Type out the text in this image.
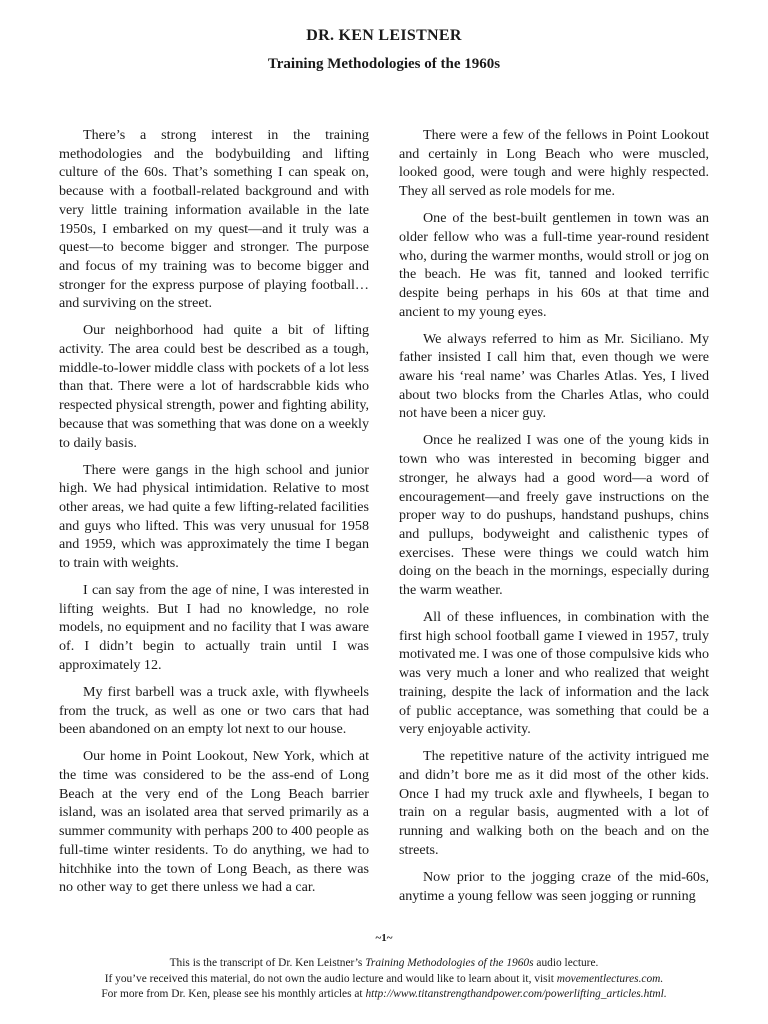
DR. KEN LEISTNER
Training Methodologies of the 1960s

There’s a strong interest in the training methodologies and the bodybuilding and lifting culture of the 60s. That’s something I can speak on, because with a football-related background and with very little training information available in the late 1950s, I embarked on my quest—and it truly was a quest—to become bigger and stronger. The purpose and focus of my training was to become bigger and stronger for the express purpose of playing football…and surviving on the street.

Our neighborhood had quite a bit of lifting activity. The area could best be described as a tough, middle-to-lower middle class with pockets of a lot less than that. There were a lot of hardscrabble kids who respected physical strength, power and fighting ability, because that was something that was done on a weekly to daily basis.

There were gangs in the high school and junior high. We had physical intimidation. Relative to most other areas, we had quite a few lifting-related facilities and guys who lifted. This was very unusual for 1958 and 1959, which was approximately the time I began to train with weights.

I can say from the age of nine, I was interested in lifting weights. But I had no knowledge, no role models, no equipment and no facility that I was aware of. I didn’t begin to actually train until I was approximately 12.

My first barbell was a truck axle, with flywheels from the truck, as well as one or two cars that had been abandoned on an empty lot next to our house.

Our home in Point Lookout, New York, which at the time was considered to be the ass-end of Long Beach at the very end of the Long Beach barrier island, was an isolated area that served primarily as a summer community with perhaps 200 to 400 people as full-time winter residents. To do anything, we had to hitchhike into the town of Long Beach, as there was no other way to get there unless we had a car.

There were a few of the fellows in Point Lookout and certainly in Long Beach who were muscled, looked good, were tough and were highly respected. They all served as role models for me.

One of the best-built gentlemen in town was an older fellow who was a full-time year-round resident who, during the warmer months, would stroll or jog on the beach. He was fit, tanned and looked terrific despite being perhaps in his 60s at that time and ancient to my young eyes.

We always referred to him as Mr. Siciliano. My father insisted I call him that, even though we were aware his ‘real name’ was Charles Atlas. Yes, I lived about two blocks from the Charles Atlas, who could not have been a nicer guy.

Once he realized I was one of the young kids in town who was interested in becoming bigger and stronger, he always had a good word—a word of encouragement—and freely gave instructions on the proper way to do pushups, handstand pushups, chins and pullups, bodyweight and calisthenic types of exercises. These were things we could watch him doing on the beach in the mornings, especially during the warm weather.

All of these influences, in combination with the first high school football game I viewed in 1957, truly motivated me. I was one of those compulsive kids who was very much a loner and who realized that weight training, despite the lack of information and the lack of public acceptance, was something that could be a very enjoyable activity.

The repetitive nature of the activity intrigued me and didn’t bore me as it did most of the other kids. Once I had my truck axle and flywheels, I began to train on a regular basis, augmented with a lot of running and walking both on the beach and on the streets.

Now prior to the jogging craze of the mid-60s, anytime a young fellow was seen jogging or running

~1~
This is the transcript of Dr. Ken Leistner’s Training Methodologies of the 1960s audio lecture.
If you’ve received this material, do not own the audio lecture and would like to learn about it, visit movementlectures.com.
For more from Dr. Ken, please see his monthly articles at http://www.titanstrengthandpower.com/powerlifting_articles.html.
